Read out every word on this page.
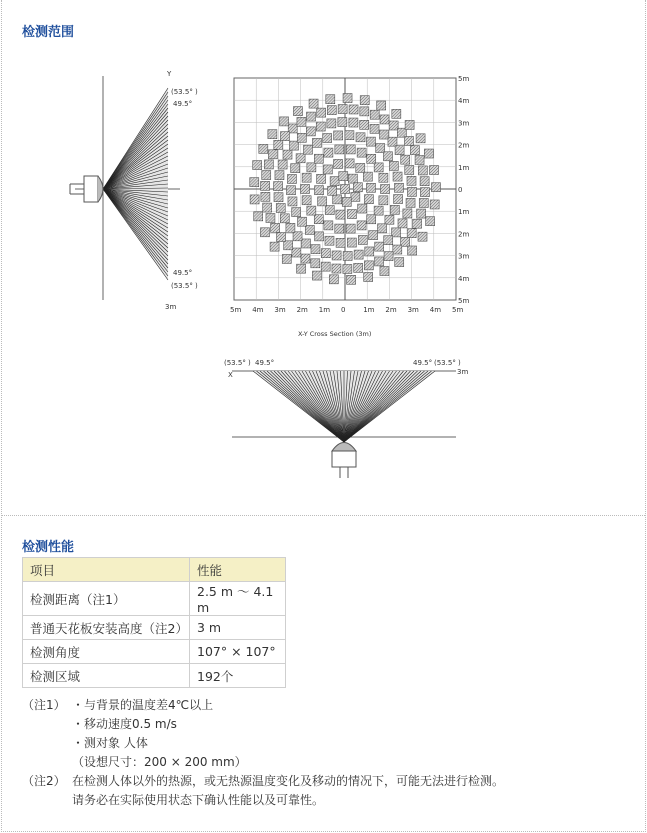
检测范围
Y
(53.5° )
49.5°
49.5°
(53.5° )
3m
5m
4m
3m
2m
1m
0
1m
2m
3m
4m
5m
5m 4m 3m 2m 1m 0	1m 2m 3m 4m 5m
X-Y Cross Section (3m)
(53.5° ) 49.5°	49.5° (53.5° )
X	3m
检测性能
项目	性能
检测距离（注1）	2.5 m ～ 4.1 m
普通天花板安装高度（注2）	3 m
检测角度	107° × 107°
检测区域	192个
（注1） ・与背景的温度差4℃以上
・移动速度0.5 m/s
・测对象 人体
（设想尺寸：200 × 200 mm）
（注2） 在检测人体以外的热源，或无热源温度变化及移动的情况下，可能无法进行检测。
请务必在实际使用状态下确认性能以及可靠性。
